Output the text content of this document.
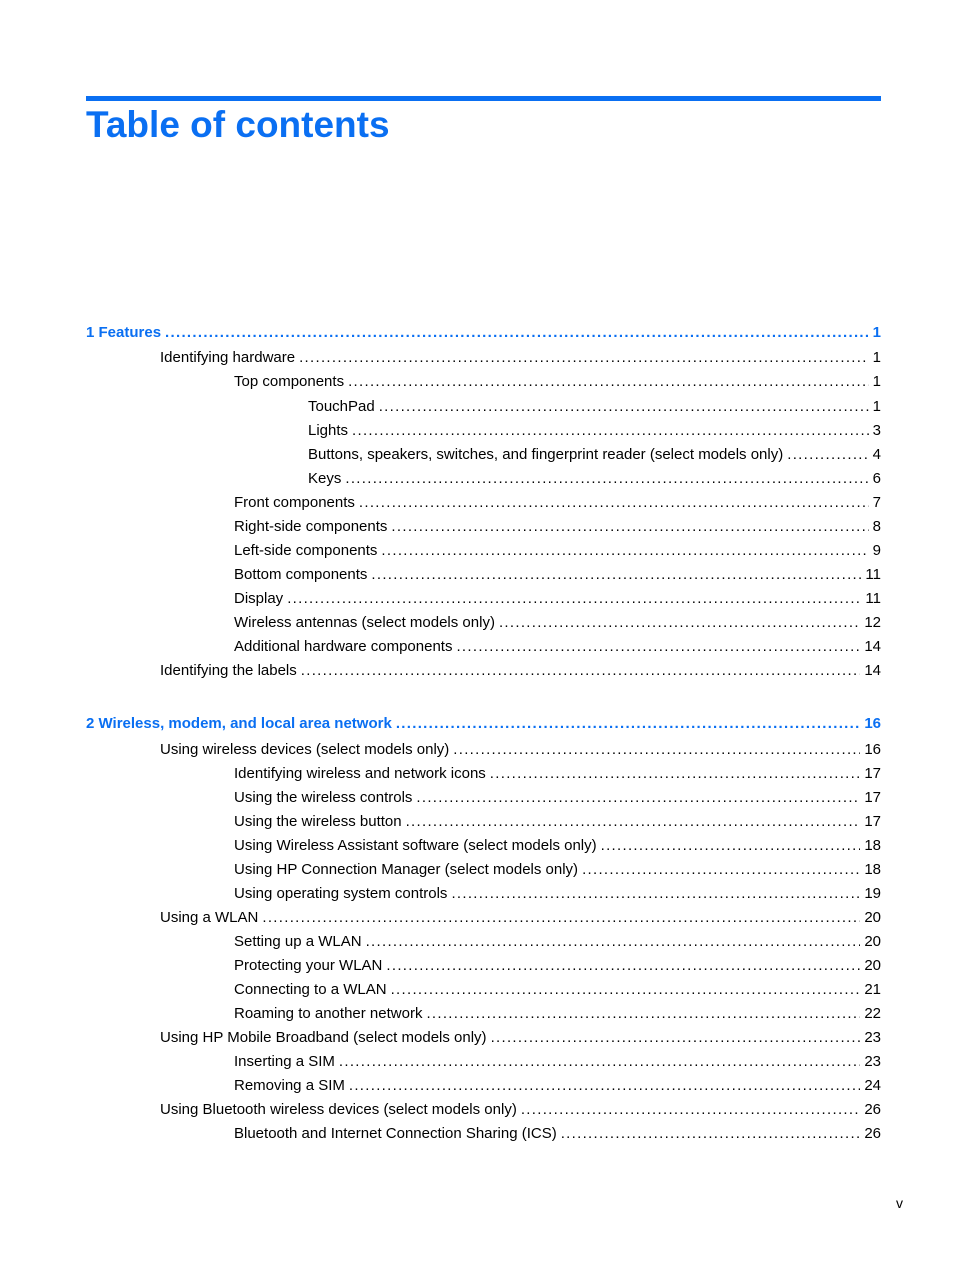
Table of contents
1 Features .....	1
Identifying hardware .....	1
Top components .....	1
TouchPad .....	1
Lights .....	3
Buttons, speakers, switches, and fingerprint reader (select models only) .....	4
Keys .....	6
Front components .....	7
Right-side components .....	8
Left-side components .....	9
Bottom components .....	11
Display .....	11
Wireless antennas (select models only) .....	12
Additional hardware components .....	14
Identifying the labels .....	14
2 Wireless, modem, and local area network .....	16
Using wireless devices (select models only) .....	16
Identifying wireless and network icons .....	17
Using the wireless controls .....	17
Using the wireless button .....	17
Using Wireless Assistant software (select models only) .....	18
Using HP Connection Manager (select models only) .....	18
Using operating system controls .....	19
Using a WLAN .....	20
Setting up a WLAN .....	20
Protecting your WLAN .....	20
Connecting to a WLAN .....	21
Roaming to another network .....	22
Using HP Mobile Broadband (select models only) .....	23
Inserting a SIM .....	23
Removing a SIM .....	24
Using Bluetooth wireless devices (select models only) .....	26
Bluetooth and Internet Connection Sharing (ICS) .....	26
v
